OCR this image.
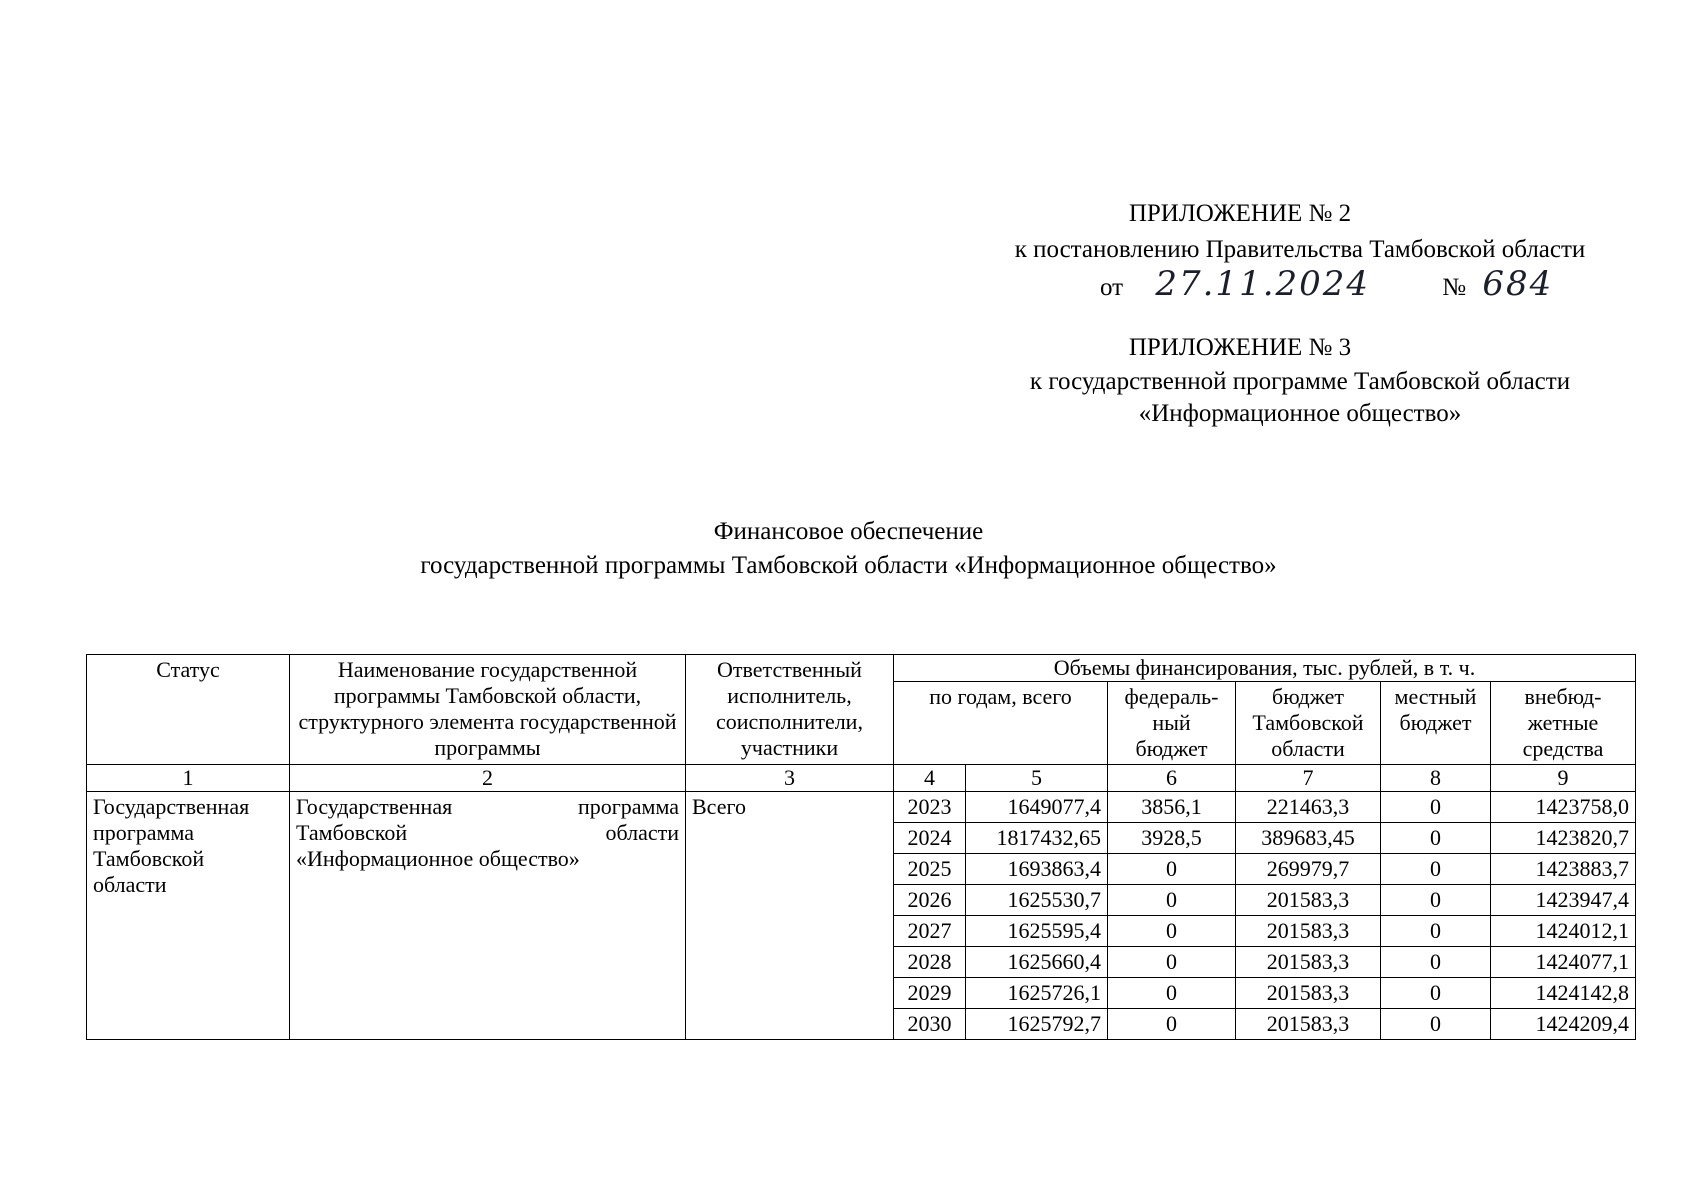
ПРИЛОЖЕНИЕ № 2
к постановлению Правительства Тамбовской области
от 27.11.2024	№ 684
ПРИЛОЖЕНИЕ № 3
к государственной программе Тамбовской области
«Информационное общество»
Финансовое обеспечение
государственной программы Тамбовской области «Информационное общество»
Статус	Наименование государственной программы Тамбовской области, структурного элемента государственной программы	Ответственный исполнитель, соисполнители, участники	Объемы финансирования, тыс. рублей, в т. ч.					
			по годам, всего		федераль-ный бюджет	бюджет Тамбовской области	местный бюджет	внебюд-жетные средства
1	2	3	4	5	6	7	8	9
Государственная программа Тамбовской области	Государственная программа
Тамбовской области
«Информационное общество»	Всего	2023	1649077,4	3856,1	221463,3	0	1423758,0
			2024	1817432,65	3928,5	389683,45	0	1423820,7
			2025	1693863,4	0	269979,7	0	1423883,7
			2026	1625530,7	0	201583,3	0	1423947,4
			2027	1625595,4	0	201583,3	0	1424012,1
			2028	1625660,4	0	201583,3	0	1424077,1
			2029	1625726,1	0	201583,3	0	1424142,8
			2030	1625792,7	0	201583,3	0	1424209,4
